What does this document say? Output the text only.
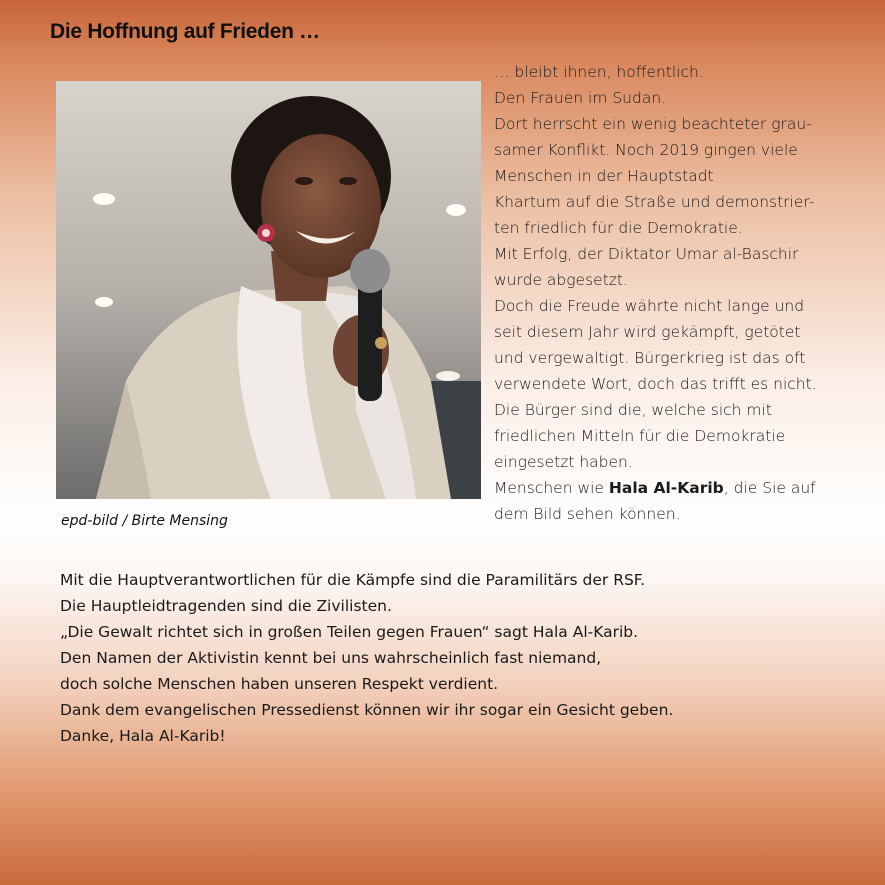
Die Hoffnung auf Frieden …
epd-bild / Birte Mensing
… bleibt ihnen, hoffentlich.
Den Frauen im Sudan.
Dort herrscht ein wenig beachteter grau-
samer Konflikt. Noch 2019 gingen viele
Menschen in der Hauptstadt
Khartum auf die Straße und demonstrier-
ten friedlich für die Demokratie.
Mit Erfolg, der Diktator Umar al-Baschir
wurde abgesetzt.
Doch die Freude währte nicht lange und
seit diesem Jahr wird gekämpft, getötet
und vergewaltigt. Bürgerkrieg ist das oft
verwendete Wort, doch das trifft es nicht.
Die Bürger sind die, welche sich mit
friedlichen Mitteln für die Demokratie
eingesetzt haben.
Menschen wie Hala Al-Karib, die Sie auf
dem Bild sehen können.
Mit die Hauptverantwortlichen für die Kämpfe sind die Paramilitärs der RSF.
Die Hauptleidtragenden sind die Zivilisten.
„Die Gewalt richtet sich in großen Teilen gegen Frauen“ sagt Hala Al-Karib.
Den Namen der Aktivistin kennt bei uns wahrscheinlich fast niemand,
doch solche Menschen haben unseren Respekt verdient.
Dank dem evangelischen Pressedienst können wir ihr sogar ein Gesicht geben.
Danke, Hala Al-Karib!
